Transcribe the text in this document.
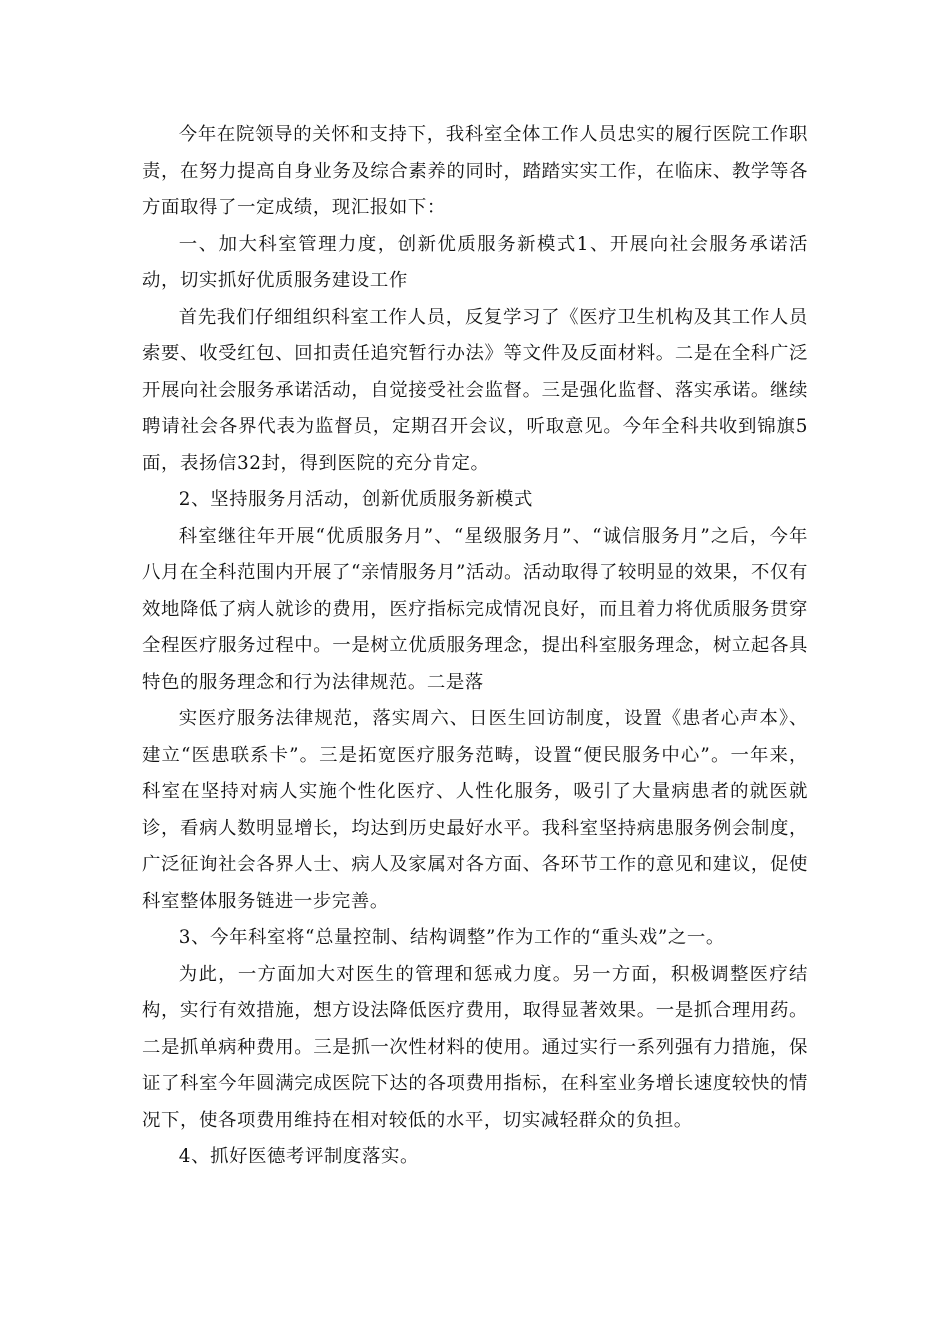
今年在院领导的关怀和支持下，我科室全体工作人员忠实的履行医院工作职责，在努力提高自身业务及综合素养的同时，踏踏实实工作，在临床、教学等各方面取得了一定成绩，现汇报如下：

一、加大科室管理力度，创新优质服务新模式1、开展向社会服务承诺活动，切实抓好优质服务建设工作

首先我们仔细组织科室工作人员，反复学习了《医疗卫生机构及其工作人员索要、收受红包、回扣责任追究暂行办法》等文件及反面材料。二是在全科广泛开展向社会服务承诺活动，自觉接受社会监督。三是强化监督、落实承诺。继续聘请社会各界代表为监督员，定期召开会议，听取意见。今年全科共收到锦旗5面，表扬信32封，得到医院的充分肯定。

2、坚持服务月活动，创新优质服务新模式

科室继往年开展“优质服务月”、“星级服务月”、“诚信服务月”之后，今年八月在全科范围内开展了“亲情服务月”活动。活动取得了较明显的效果，不仅有效地降低了病人就诊的费用，医疗指标完成情况良好，而且着力将优质服务贯穿全程医疗服务过程中。一是树立优质服务理念，提出科室服务理念，树立起各具特色的服务理念和行为法律规范。二是落

实医疗服务法律规范，落实周六、日医生回访制度，设置《患者心声本》、建立“医患联系卡”。三是拓宽医疗服务范畴，设置“便民服务中心”。一年来，科室在坚持对病人实施个性化医疗、人性化服务，吸引了大量病患者的就医就诊，看病人数明显增长，均达到历史最好水平。我科室坚持病患服务例会制度，广泛征询社会各界人士、病人及家属对各方面、各环节工作的意见和建议，促使科室整体服务链进一步完善。

3、今年科室将“总量控制、结构调整”作为工作的“重头戏”之一。

为此，一方面加大对医生的管理和惩戒力度。另一方面，积极调整医疗结构，实行有效措施，想方设法降低医疗费用，取得显著效果。一是抓合理用药。二是抓单病种费用。三是抓一次性材料的使用。通过实行一系列强有力措施，保证了科室今年圆满完成医院下达的各项费用指标，在科室业务增长速度较快的情况下，使各项费用维持在相对较低的水平，切实减轻群众的负担。

4、抓好医德考评制度落实。
